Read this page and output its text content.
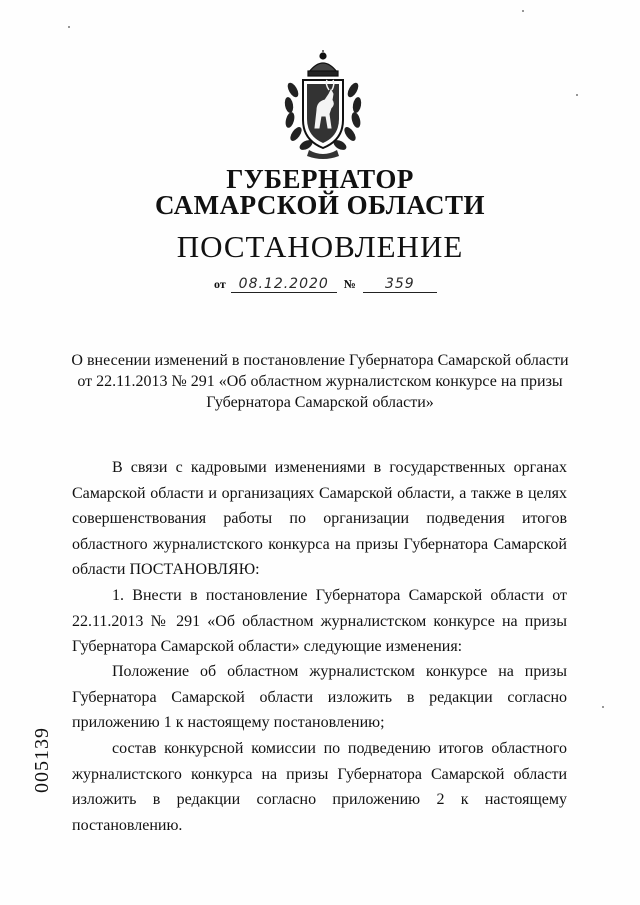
ГУБЕРНАТОР
САМАРСКОЙ ОБЛАСТИ
ПОСТАНОВЛЕНИЕ
от 08.12.2020 № 359
О внесении изменений в постановление Губернатора Самарской области
от 22.11.2013 № 291 «Об областном журналистском конкурсе на призы
Губернатора Самарской области»
В связи с кадровыми изменениями в государственных органах Самарской области и организациях Самарской области, а также в целях совершенствования работы по организации подведения итогов областного журналистского конкурса на призы Губернатора Самарской области ПОСТАНОВЛЯЮ:
1. Внести в постановление Губернатора Самарской области от 22.11.2013 № 291 «Об областном журналистском конкурсе на призы Губернатора Самарской области» следующие изменения:
Положение об областном журналистском конкурсе на призы Губернатора Самарской области изложить в редакции согласно приложению 1 к настоящему постановлению;
состав конкурсной комиссии по подведению итогов областного журналистского конкурса на призы Губернатора Самарской области изложить в редакции согласно приложению 2 к настоящему постановлению.
005139
